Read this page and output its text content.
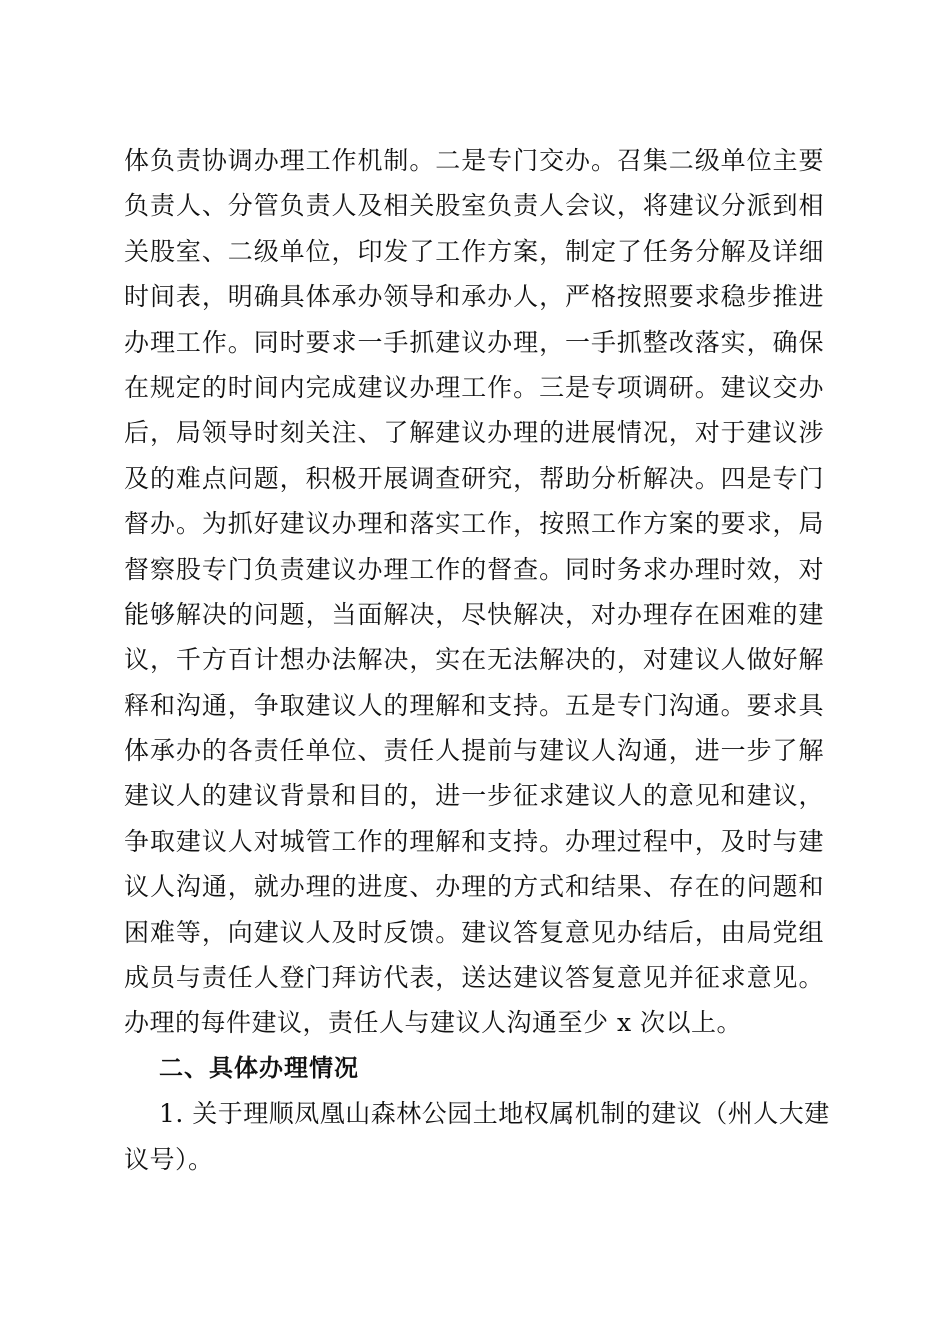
体负责协调办理工作机制。二是专门交办。召集二级单位主要
负责人、分管负责人及相关股室负责人会议，将建议分派到相
关股室、二级单位，印发了工作方案，制定了任务分解及详细
时间表，明确具体承办领导和承办人，严格按照要求稳步推进
办理工作。同时要求一手抓建议办理，一手抓整改落实，确保
在规定的时间内完成建议办理工作。三是专项调研。建议交办
后，局领导时刻关注、了解建议办理的进展情况，对于建议涉
及的难点问题，积极开展调查研究，帮助分析解决。四是专门
督办。为抓好建议办理和落实工作，按照工作方案的要求，局
督察股专门负责建议办理工作的督查。同时务求办理时效，对
能够解决的问题，当面解决，尽快解决，对办理存在困难的建
议，千方百计想办法解决，实在无法解决的，对建议人做好解
释和沟通，争取建议人的理解和支持。五是专门沟通。要求具
体承办的各责任单位、责任人提前与建议人沟通，进一步了解
建议人的建议背景和目的，进一步征求建议人的意见和建议，
争取建议人对城管工作的理解和支持。办理过程中，及时与建
议人沟通，就办理的进度、办理的方式和结果、存在的问题和
困难等，向建议人及时反馈。建议答复意见办结后，由局党组
成员与责任人登门拜访代表，送达建议答复意见并征求意见。
办理的每件建议，责任人与建议人沟通至少 x 次以上。
二、具体办理情况
1. 关于理顺凤凰山森林公园土地权属机制的建议（州人大建
议号）。
